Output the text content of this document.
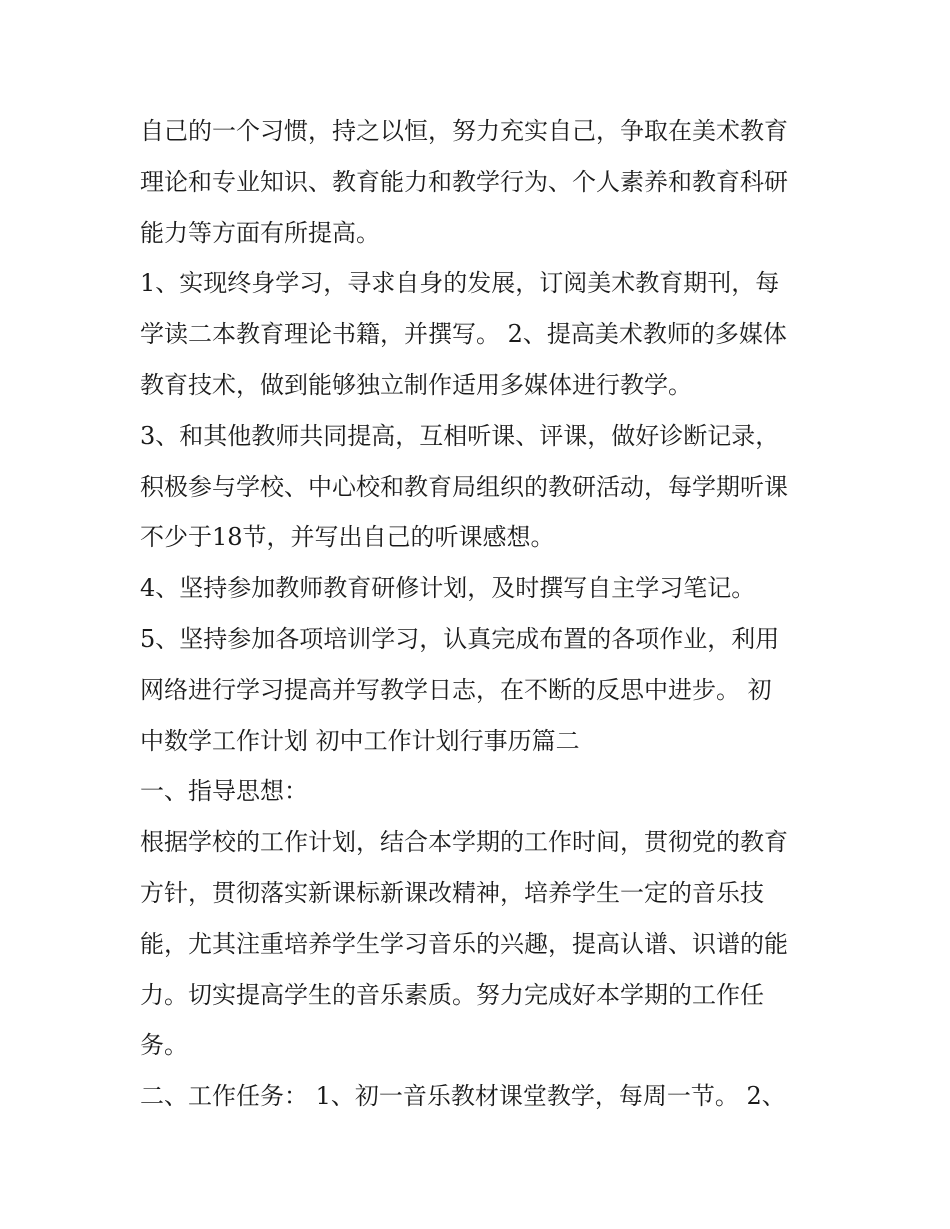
自己的一个习惯，持之以恒，努力充实自己，争取在美术教育
理论和专业知识、教育能力和教学行为、个人素养和教育科研
能力等方面有所提高。
1、实现终身学习，寻求自身的发展，订阅美术教育期刊，每
学读二本教育理论书籍，并撰写。 2、提高美术教师的多媒体
教育技术，做到能够独立制作适用多媒体进行教学。
3、和其他教师共同提高，互相听课、评课，做好诊断记录，
积极参与学校、中心校和教育局组织的教研活动，每学期听课
不少于18节，并写出自己的听课感想。
4、坚持参加教师教育研修计划，及时撰写自主学习笔记。
5、坚持参加各项培训学习，认真完成布置的各项作业，利用
网络进行学习提高并写教学日志，在不断的反思中进步。 初
中数学工作计划 初中工作计划行事历篇二
一、指导思想：
根据学校的工作计划，结合本学期的工作时间，贯彻党的教育
方针，贯彻落实新课标新课改精神，培养学生一定的音乐技
能，尤其注重培养学生学习音乐的兴趣，提高认谱、识谱的能
力。切实提高学生的音乐素质。努力完成好本学期的工作任
务。
二、工作任务： 1、初一音乐教材课堂教学，每周一节。 2、
